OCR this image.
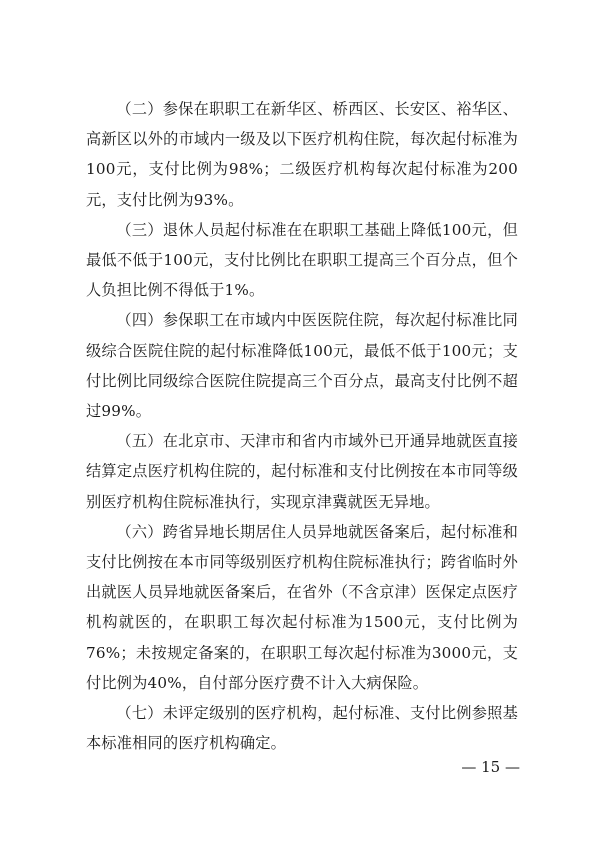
（二）参保在职职工在新华区、桥西区、长安区、裕华区、高新区以外的市域内一级及以下医疗机构住院，每次起付标准为100元，支付比例为98%；二级医疗机构每次起付标准为200元，支付比例为93%。

（三）退休人员起付标准在在职职工基础上降低100元，但最低不低于100元，支付比例比在职职工提高三个百分点，但个人负担比例不得低于1%。

（四）参保职工在市域内中医医院住院，每次起付标准比同级综合医院住院的起付标准降低100元，最低不低于100元；支付比例比同级综合医院住院提高三个百分点，最高支付比例不超过99%。

（五）在北京市、天津市和省内市域外已开通异地就医直接结算定点医疗机构住院的，起付标准和支付比例按在本市同等级别医疗机构住院标准执行，实现京津冀就医无异地。

（六）跨省异地长期居住人员异地就医备案后，起付标准和支付比例按在本市同等级别医疗机构住院标准执行；跨省临时外出就医人员异地就医备案后，在省外（不含京津）医保定点医疗机构就医的，在职职工每次起付标准为1500元，支付比例为76%；未按规定备案的，在职职工每次起付标准为3000元，支付比例为40%，自付部分医疗费不计入大病保险。

（七）未评定级别的医疗机构，起付标准、支付比例参照基本标准相同的医疗机构确定。

— 15 —
